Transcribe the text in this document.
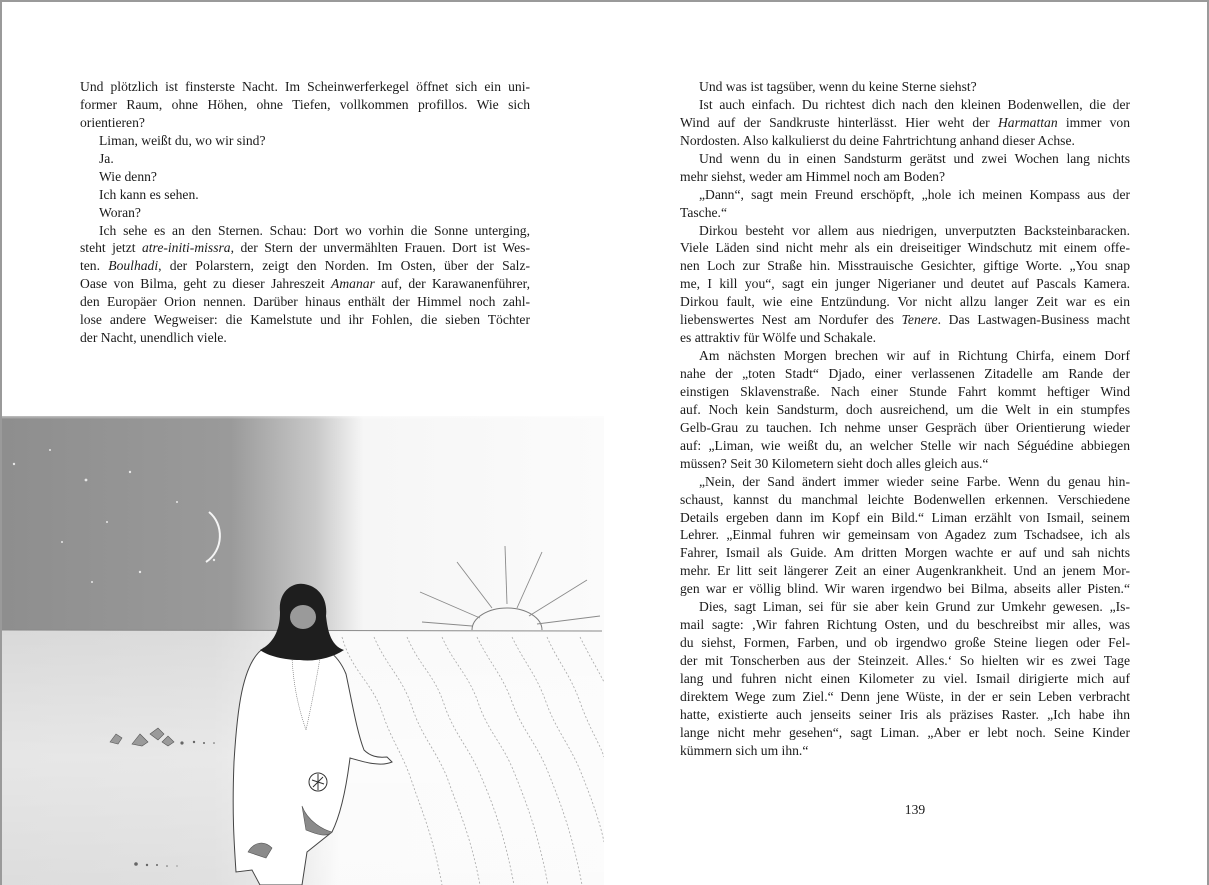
Und plötzlich ist finsterste Nacht. Im Scheinwerferkegel öffnet sich ein uni-
former Raum, ohne Höhen, ohne Tiefen, vollkommen profillos. Wie sich
orientieren?
Liman, weißt du, wo wir sind?
Ja.
Wie denn?
Ich kann es sehen.
Woran?
Ich sehe es an den Sternen. Schau: Dort wo vorhin die Sonne unterging,
steht jetzt atre-initi-missra, der Stern der unvermählten Frauen. Dort ist Wes-
ten. Boulhadi, der Polarstern, zeigt den Norden. Im Osten, über der Salz-
Oase von Bilma, geht zu dieser Jahreszeit Amanar auf, der Karawanenführer,
den Europäer Orion nennen. Darüber hinaus enthält der Himmel noch zahl-
lose andere Wegweiser: die Kamelstute und ihr Fohlen, die sieben Töchter
der Nacht, unendlich viele.
Und was ist tagsüber, wenn du keine Sterne siehst?
Ist auch einfach. Du richtest dich nach den kleinen Bodenwellen, die der
Wind auf der Sandkruste hinterlässt. Hier weht der Harmattan immer von
Nordosten. Also kalkulierst du deine Fahrtrichtung anhand dieser Achse.
Und wenn du in einen Sandsturm gerätst und zwei Wochen lang nichts
mehr siehst, weder am Himmel noch am Boden?
„Dann“, sagt mein Freund erschöpft, „hole ich meinen Kompass aus der
Tasche.“
Dirkou besteht vor allem aus niedrigen, unverputzten Backsteinbaracken.
Viele Läden sind nicht mehr als ein dreiseitiger Windschutz mit einem offe-
nen Loch zur Straße hin. Misstrauische Gesichter, giftige Worte. „You snap
me, I kill you“, sagt ein junger Nigerianer und deutet auf Pascals Kamera.
Dirkou fault, wie eine Entzündung. Vor nicht allzu langer Zeit war es ein
liebenswertes Nest am Nordufer des Tenere. Das Lastwagen-Business macht
es attraktiv für Wölfe und Schakale.
Am nächsten Morgen brechen wir auf in Richtung Chirfa, einem Dorf
nahe der „toten Stadt“ Djado, einer verlassenen Zitadelle am Rande der
einstigen Sklavenstraße. Nach einer Stunde Fahrt kommt heftiger Wind
auf. Noch kein Sandsturm, doch ausreichend, um die Welt in ein stumpfes
Gelb-Grau zu tauchen. Ich nehme unser Gespräch über Orientierung wieder
auf: „Liman, wie weißt du, an welcher Stelle wir nach Séguédine abbiegen
müssen? Seit 30 Kilometern sieht doch alles gleich aus.“
„Nein, der Sand ändert immer wieder seine Farbe. Wenn du genau hin-
schaust, kannst du manchmal leichte Bodenwellen erkennen. Verschiedene
Details ergeben dann im Kopf ein Bild.“ Liman erzählt von Ismail, seinem
Lehrer. „Einmal fuhren wir gemeinsam von Agadez zum Tschadsee, ich als
Fahrer, Ismail als Guide. Am dritten Morgen wachte er auf und sah nichts
mehr. Er litt seit längerer Zeit an einer Augenkrankheit. Und an jenem Mor-
gen war er völlig blind. Wir waren irgendwo bei Bilma, abseits aller Pisten.“
Dies, sagt Liman, sei für sie aber kein Grund zur Umkehr gewesen. „Is-
mail sagte: ‚Wir fahren Richtung Osten, und du beschreibst mir alles, was
du siehst, Formen, Farben, und ob irgendwo große Steine liegen oder Fel-
der mit Tonscherben aus der Steinzeit. Alles.‘ So hielten wir es zwei Tage
lang und fuhren nicht einen Kilometer zu viel. Ismail dirigierte mich auf
direktem Wege zum Ziel.“ Denn jene Wüste, in der er sein Leben verbracht
hatte, existierte auch jenseits seiner Iris als präzises Raster. „Ich habe ihn
lange nicht mehr gesehen“, sagt Liman. „Aber er lebt noch. Seine Kinder
kümmern sich um ihn.“
139
